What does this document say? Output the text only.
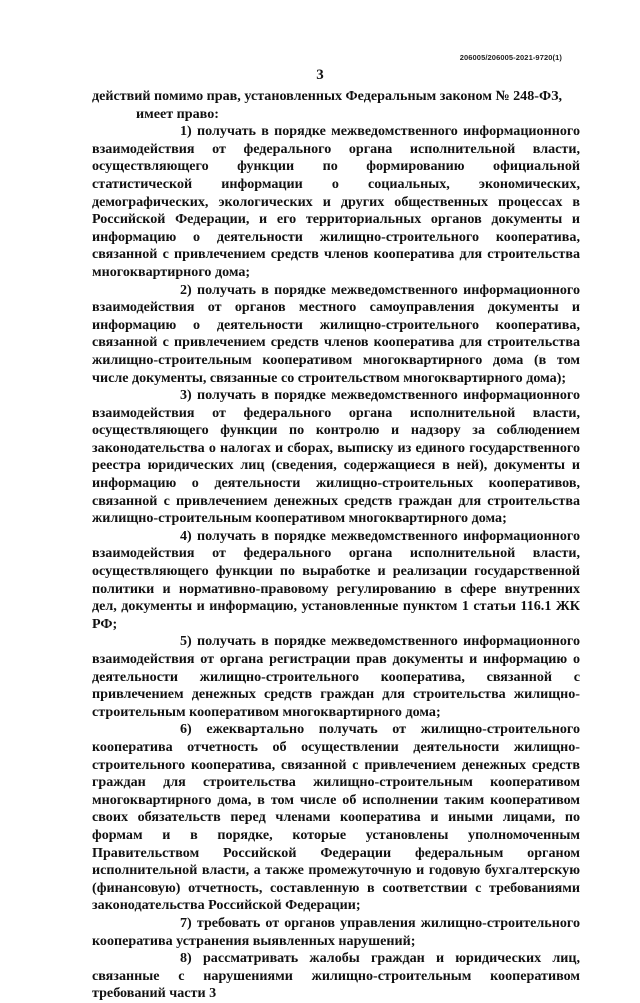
206005/206005-2021-9720(1)
3

действий помимо прав, установленных Федеральным законом № 248-ФЗ,

имеет право:

1) получать в порядке межведомственного информационного взаимодействия от федерального органа исполнительной власти, осуществляющего функции по формированию официальной статистической информации о социальных, экономических, демографических, экологических и других общественных процессах в Российской Федерации, и его территориальных органов документы и информацию о деятельности жилищно-строительного кооператива, связанной с привлечением средств членов кооператива для строительства многоквартирного дома;

2) получать в порядке межведомственного информационного взаимодействия от органов местного самоуправления документы и информацию о деятельности жилищно-строительного кооператива, связанной с привлечением средств членов кооператива для строительства жилищно-строительным кооперативом многоквартирного дома (в том числе документы, связанные со строительством многоквартирного дома);

3) получать в порядке межведомственного информационного взаимодействия от федерального органа исполнительной власти, осуществляющего функции по контролю и надзору за соблюдением законодательства о налогах и сборах, выписку из единого государственного реестра юридических лиц (сведения, содержащиеся в ней), документы и информацию о деятельности жилищно-строительных кооперативов, связанной с привлечением денежных средств граждан для строительства жилищно-строительным кооперативом многоквартирного дома;

4) получать в порядке межведомственного информационного взаимодействия от федерального органа исполнительной власти, осуществляющего функции по выработке и реализации государственной политики и нормативно-правовому регулированию в сфере внутренних дел, документы и информацию, установленные пунктом 1 статьи 116.1 ЖК РФ;

5) получать в порядке межведомственного информационного взаимодействия от органа регистрации прав документы и информацию о деятельности жилищно-строительного кооператива, связанной с привлечением денежных средств граждан для строительства жилищно-строительным кооперативом многоквартирного дома;

6) ежеквартально получать от жилищно-строительного кооператива отчетность об осуществлении деятельности жилищно-строительного кооператива, связанной с привлечением денежных средств граждан для строительства жилищно-строительным кооперативом многоквартирного дома, в том числе об исполнении таким кооперативом своих обязательств перед членами кооператива и иными лицами, по формам и в порядке, которые установлены уполномоченным Правительством Российской Федерации федеральным органом исполнительной власти, а также промежуточную и годовую бухгалтерскую (финансовую) отчетность, составленную в соответствии с требованиями законодательства Российской Федерации;

7) требовать от органов управления жилищно-строительного кооператива устранения выявленных нарушений;

8) рассматривать жалобы граждан и юридических лиц, связанные с нарушениями жилищно-строительным кооперативом требований части 3
